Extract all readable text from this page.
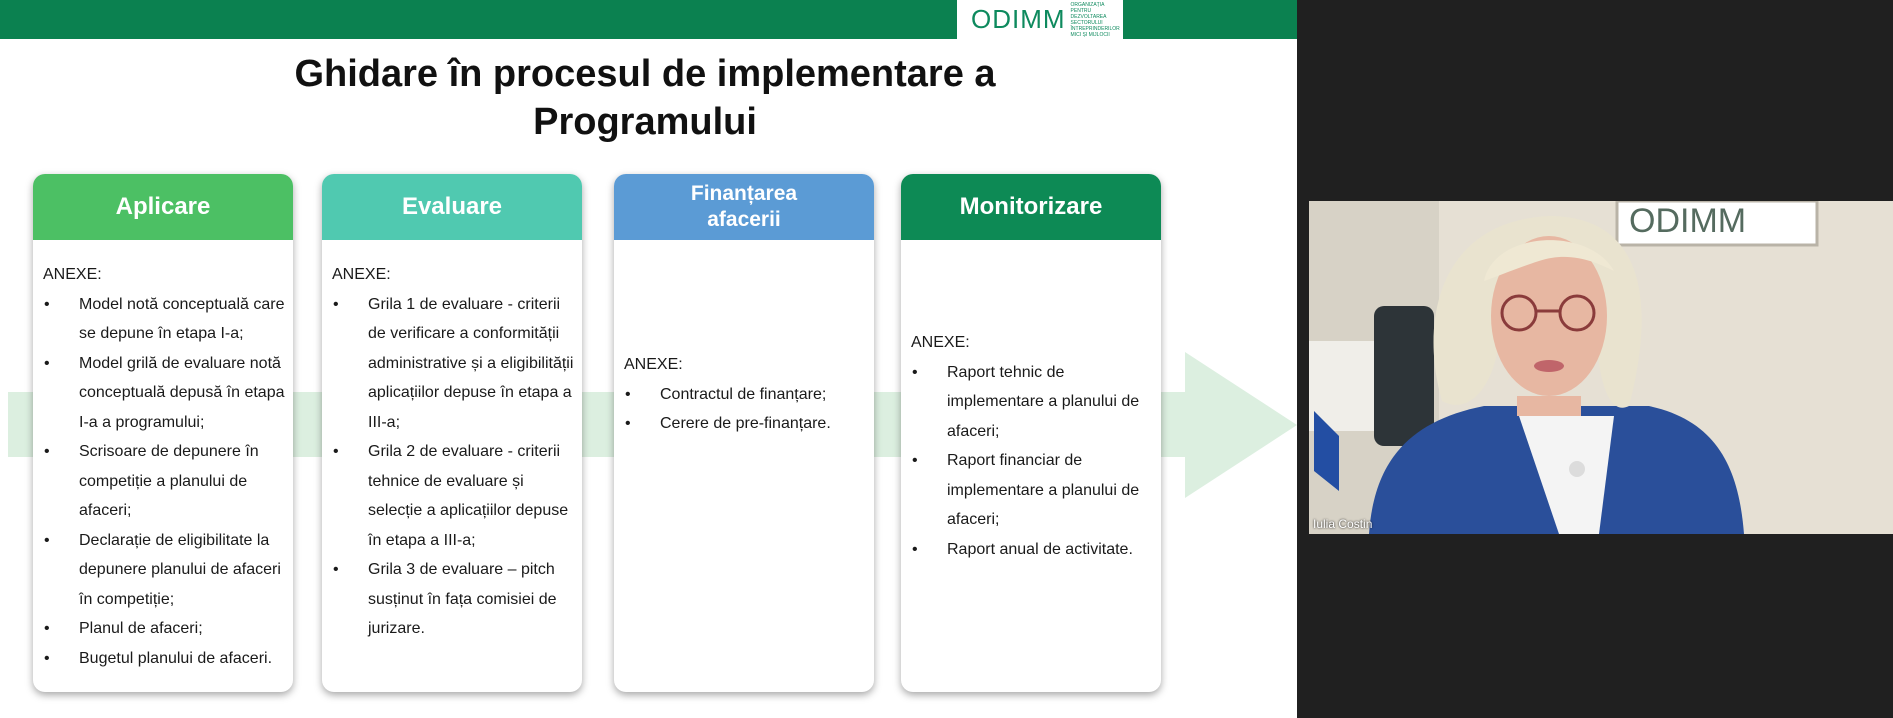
ODIMM ORGANIZAȚIA PENTRU DEZVOLTAREA SECTORULUI ÎNTREPRINDERILOR MICI ȘI MIJLOCII
Ghidare în procesul de implementare a
Programului
Aplicare

ANEXE:

• Model notă conceptuală care se depune în etapa I-a;
• Model grilă de evaluare notă conceptuală depusă în etapa I-a a programului;
• Scrisoare de depunere în competiție a planului de afaceri;
• Declarație de eligibilitate la depunere planului de afaceri în competiție;
• Planul de afaceri;
• Bugetul planului de afaceri.
Evaluare

ANEXE:

• Grila 1 de evaluare - criterii de verificare a conformității administrative și a eligibilității aplicațiilor depuse în etapa a III-a;
• Grila 2 de evaluare - criterii tehnice de evaluare și selecție a aplicațiilor depuse în etapa a III-a;
• Grila 3 de evaluare – pitch susținut în fața comisiei de jurizare.
Finanțarea afacerii

ANEXE:

• Contractul de finanțare;
• Cerere de pre-finanțare.
Monitorizare

ANEXE:

• Raport tehnic de implementare a planului de afaceri;
• Raport financiar de implementare a planului de afaceri;
• Raport anual de activitate.
ODIMM
Iulia Costin
